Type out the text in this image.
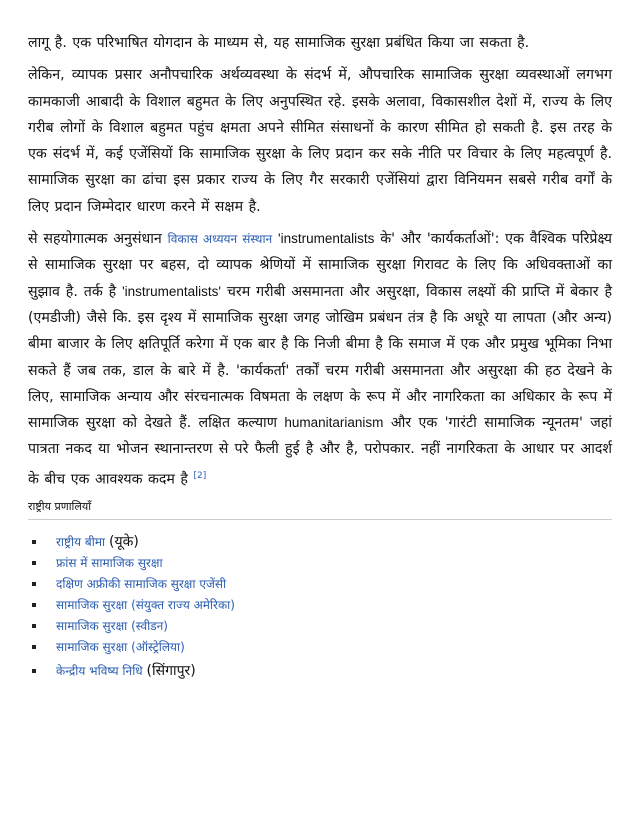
लागू है. एक परिभाषित योगदान के माध्यम से, यह सामाजिक सुरक्षा प्रबंधित किया जा सकता है.

लेकिन, व्यापक प्रसार अनौपचारिक अर्थव्यवस्था के संदर्भ में, औपचारिक सामाजिक सुरक्षा व्यवस्थाओं लगभग कामकाजी आबादी के विशाल बहुमत के लिए अनुपस्थित रहे. इसके अलावा, विकासशील देशों में, राज्य के लिए गरीब लोगों के विशाल बहुमत पहुंच क्षमता अपने सीमित संसाधनों के कारण सीमित हो सकती है. इस तरह के एक संदर्भ में, कई एजेंसियों कि सामाजिक सुरक्षा के लिए प्रदान कर सके नीति पर विचार के लिए महत्वपूर्ण है. सामाजिक सुरक्षा का ढांचा इस प्रकार राज्य के लिए गैर सरकारी एजेंसियां द्वारा विनियमन सबसे गरीब वर्गों के लिए प्रदान जिम्मेदार धारण करने में सक्षम है.

से सहयोगात्मक अनुसंधान विकास अध्ययन संस्थान 'instrumentalists के' और 'कार्यकर्ताओं': एक वैश्विक परिप्रेक्ष्य से सामाजिक सुरक्षा पर बहस, दो व्यापक श्रेणियों में सामाजिक सुरक्षा गिरावट के लिए कि अधिवक्ताओं का सुझाव है. तर्क है 'instrumentalists' चरम गरीबी असमानता और असुरक्षा, विकास लक्ष्यों की प्राप्ति में बेकार है (एमडीजी) जैसे कि. इस दृश्य में सामाजिक सुरक्षा जगह जोखिम प्रबंधन तंत्र है कि अधूरे या लापता (और अन्य) बीमा बाजार के लिए क्षतिपूर्ति करेगा में एक बार है कि निजी बीमा है कि समाज में एक और प्रमुख भूमिका निभा सकते हैं जब तक, डाल के बारे में है. 'कार्यकर्ता' तर्कों चरम गरीबी असमानता और असुरक्षा की हठ देखने के लिए, सामाजिक अन्याय और संरचनात्मक विषमता के लक्षण के रूप में और नागरिकता का अधिकार के रूप में सामाजिक सुरक्षा को देखते हैं. लक्षित कल्याण humanitarianism और एक 'गारंटी सामाजिक न्यूनतम' जहां पात्रता नकद या भोजन स्थानान्तरण से परे फैली हुई है और है, परोपकार. नहीं नागरिकता के आधार पर आदर्श के बीच एक आवश्यक कदम है [2]

राष्ट्रीय प्रणालियाँ
राष्ट्रीय बीमा (यूके)
फ्रांस में सामाजिक सुरक्षा
दक्षिण अफ्रीकी सामाजिक सुरक्षा एजेंसी
सामाजिक सुरक्षा (संयुक्त राज्य अमेरिका)
सामाजिक सुरक्षा (स्वीडन)
सामाजिक सुरक्षा (ऑस्ट्रेलिया)
केन्द्रीय भविष्य निधि (सिंगापुर)
